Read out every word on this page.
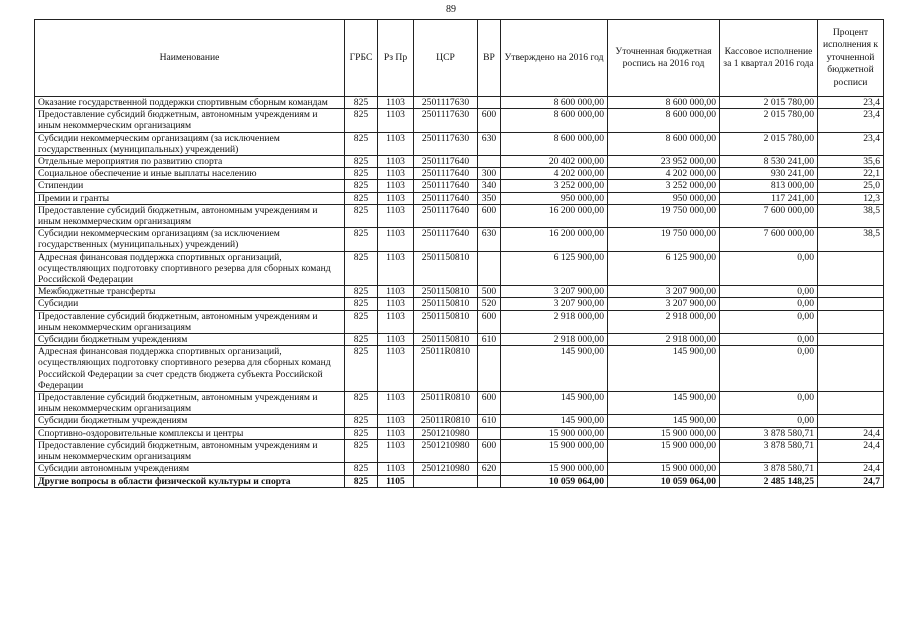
89
Наименование	ГРБС	Рз Пр	ЦСР	ВР	Утверждено на 2016 год	Уточненная бюджетная роспись на 2016 год	Кассовое исполнение за 1 квартал 2016 года	Процент исполнения к уточненной бюджетной росписи
Оказание государственной поддержки спортивным сборным командам	825	1103	2501117630		8 600 000,00	8 600 000,00	2 015 780,00	23,4
Предоставление субсидий бюджетным, автономным учреждениям и иным некоммерческим организациям	825	1103	2501117630	600	8 600 000,00	8 600 000,00	2 015 780,00	23,4
Субсидии некоммерческим организациям (за исключением государственных (муниципальных) учреждений)	825	1103	2501117630	630	8 600 000,00	8 600 000,00	2 015 780,00	23,4
Отдельные мероприятия по развитию спорта	825	1103	2501117640		20 402 000,00	23 952 000,00	8 530 241,00	35,6
Социальное обеспечение и иные выплаты населению	825	1103	2501117640	300	4 202 000,00	4 202 000,00	930 241,00	22,1
Стипендии	825	1103	2501117640	340	3 252 000,00	3 252 000,00	813 000,00	25,0
Премии и гранты	825	1103	2501117640	350	950 000,00	950 000,00	117 241,00	12,3
Предоставление субсидий бюджетным, автономным учреждениям и иным некоммерческим организациям	825	1103	2501117640	600	16 200 000,00	19 750 000,00	7 600 000,00	38,5
Субсидии некоммерческим организациям (за исключением государственных (муниципальных) учреждений)	825	1103	2501117640	630	16 200 000,00	19 750 000,00	7 600 000,00	38,5
Адресная финансовая поддержка спортивных организаций, осуществляющих подготовку спортивного резерва для сборных команд Российской Федерации	825	1103	2501150810		6 125 900,00	6 125 900,00	0,00	
Межбюджетные трансферты	825	1103	2501150810	500	3 207 900,00	3 207 900,00	0,00	
Субсидии	825	1103	2501150810	520	3 207 900,00	3 207 900,00	0,00	
Предоставление субсидий бюджетным, автономным учреждениям и иным некоммерческим организациям	825	1103	2501150810	600	2 918 000,00	2 918 000,00	0,00	
Субсидии бюджетным учреждениям	825	1103	2501150810	610	2 918 000,00	2 918 000,00	0,00	
Адресная финансовая поддержка спортивных организаций, осуществляющих подготовку спортивного резерва для сборных команд Российской Федерации за счет средств бюджета субъекта Российской Федерации	825	1103	25011R0810		145 900,00	145 900,00	0,00	
Предоставление субсидий бюджетным, автономным учреждениям и иным некоммерческим организациям	825	1103	25011R0810	600	145 900,00	145 900,00	0,00	
Субсидии бюджетным учреждениям	825	1103	25011R0810	610	145 900,00	145 900,00	0,00	
Спортивно-оздоровительные комплексы и центры	825	1103	2501210980		15 900 000,00	15 900 000,00	3 878 580,71	24,4
Предоставление субсидий бюджетным, автономным учреждениям и иным некоммерческим организациям	825	1103	2501210980	600	15 900 000,00	15 900 000,00	3 878 580,71	24,4
Субсидии автономным учреждениям	825	1103	2501210980	620	15 900 000,00	15 900 000,00	3 878 580,71	24,4
Другие вопросы в области физической культуры и спорта	825	1105			10 059 064,00	10 059 064,00	2 485 148,25	24,7
